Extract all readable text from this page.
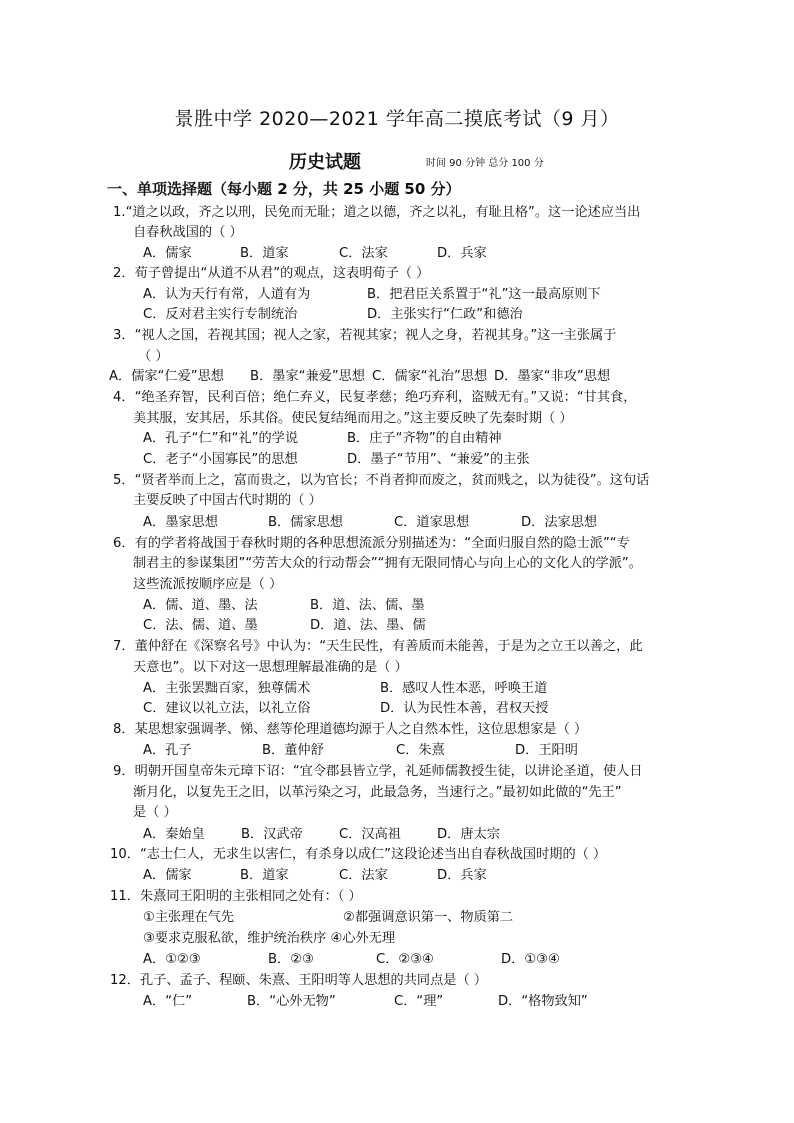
景胜中学 2020—2021 学年高二摸底考试（9 月）
历史试题	时间 90 分钟 总分 100 分
一、单项选择题（每小题 2 分，共 25 小题 50 分）
1.“道之以政，齐之以刑，民免而无耻；道之以德，齐之以礼，有耻且格”。这一论述应当出
自春秋战国的（ ）
A．儒家	B．道家	C．法家	D．兵家
2．荀子曾提出“从道不从君”的观点，这表明荀子（ ）
A．认为天行有常，人道有为	B．把君臣关系置于“礼”这一最高原则下
C．反对君主实行专制统治	D．主张实行“仁政”和德治
3．“视人之国，若视其国；视人之家，若视其家；视人之身，若视其身。”这一主张属于
（ ）
A．儒家“仁爱”思想 B．墨家“兼爱”思想 C．儒家“礼治”思想 D．墨家“非攻”思想
4．“绝圣弃智，民利百倍；绝仁弃义，民复孝慈；绝巧弃利，盗贼无有。”又说：“甘其食，
美其服，安其居，乐其俗。使民复结绳而用之。”这主要反映了先秦时期（ ）
A．孔子“仁”和“礼”的学说	B．庄子“齐物”的自由精神
C．老子“小国寡民”的思想	D．墨子“节用”、“兼爱”的主张
5．“贤者举而上之，富而贵之，以为官长；不肖者抑而废之，贫而贱之，以为徒役”。这句话
主要反映了中国古代时期的（ ）
A．墨家思想	B．儒家思想	C．道家思想	D．法家思想
6．有的学者将战国于春秋时期的各种思想流派分别描述为：“全面归服自然的隐士派”“专
制君主的参谋集团”“劳苦大众的行动帮会”“拥有无限同情心与向上心的文化人的学派”。
这些流派按顺序应是（ ）
A．儒、道、墨、法	B．道、法、儒、墨
C．法、儒、道、墨	D．道、法、墨、儒
7．董仲舒在《深察名号》中认为：“天生民性，有善质而未能善，于是为之立王以善之，此
天意也”。以下对这一思想理解最准确的是（ ）
A．主张罢黜百家，独尊儒术	B．感叹人性本恶，呼唤王道
C．建议以礼立法，以礼立俗	D．认为民性本善，君权天授
8．某思想家强调孝、悌、慈等伦理道德均源于人之自然本性，这位思想家是（ ）
A．孔子	B．董仲舒	C．朱熹	D．王阳明
9．明朝开国皇帝朱元璋下诏：“宜令郡县皆立学，礼延师儒教授生徒，以讲论圣道，使人日
渐月化，以复先王之旧，以革污染之习，此最急务，当速行之。”最初如此做的“先王”
是（ ）
A．秦始皇	B．汉武帝	C．汉高祖	D．唐太宗
10．“志士仁人，无求生以害仁，有杀身以成仁”这段论述当出自春秋战国时期的（ ）
A．儒家	B．道家	C．法家	D．兵家
11．朱熹同王阳明的主张相同之处有：（ ）
①主张理在气先	②都强调意识第一、物质第二
③要求克服私欲，维护统治秩序 ④心外无理
A．①②③	B．②③	C．②③④	D．①③④
12．孔子、孟子、程颐、朱熹、王阳明等人思想的共同点是（ ）
A．“仁”	B．“心外无物”	C．“理”	D．“格物致知”
